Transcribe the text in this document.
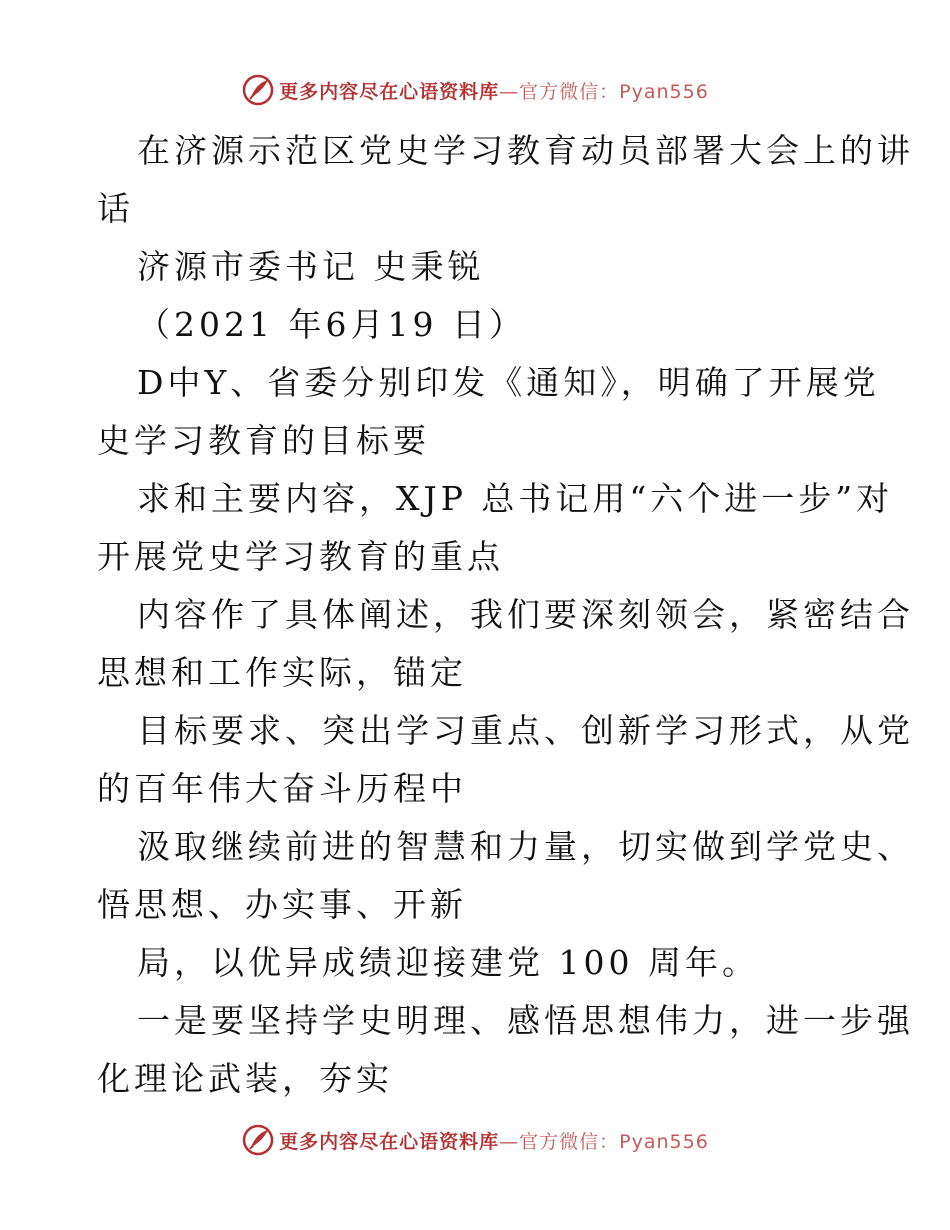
更多内容尽在心语资料库—官方微信：Pyan556
在济源示范区党史学习教育动员部署大会上的讲
话
济源市委书记 史秉锐
（2021 年6月19 日）
D中Y、省委分别印发《通知》，明确了开展党
史学习教育的目标要
求和主要内容，XJP 总书记用“六个进一步”对
开展党史学习教育的重点
内容作了具体阐述，我们要深刻领会，紧密结合
思想和工作实际，锚定
目标要求、突出学习重点、创新学习形式，从党
的百年伟大奋斗历程中
汲取继续前进的智慧和力量，切实做到学党史、
悟思想、办实事、开新
局，以优异成绩迎接建党 100 周年。
一是要坚持学史明理、感悟思想伟力，进一步强
化理论武装，夯实
更多内容尽在心语资料库—官方微信：Pyan556
